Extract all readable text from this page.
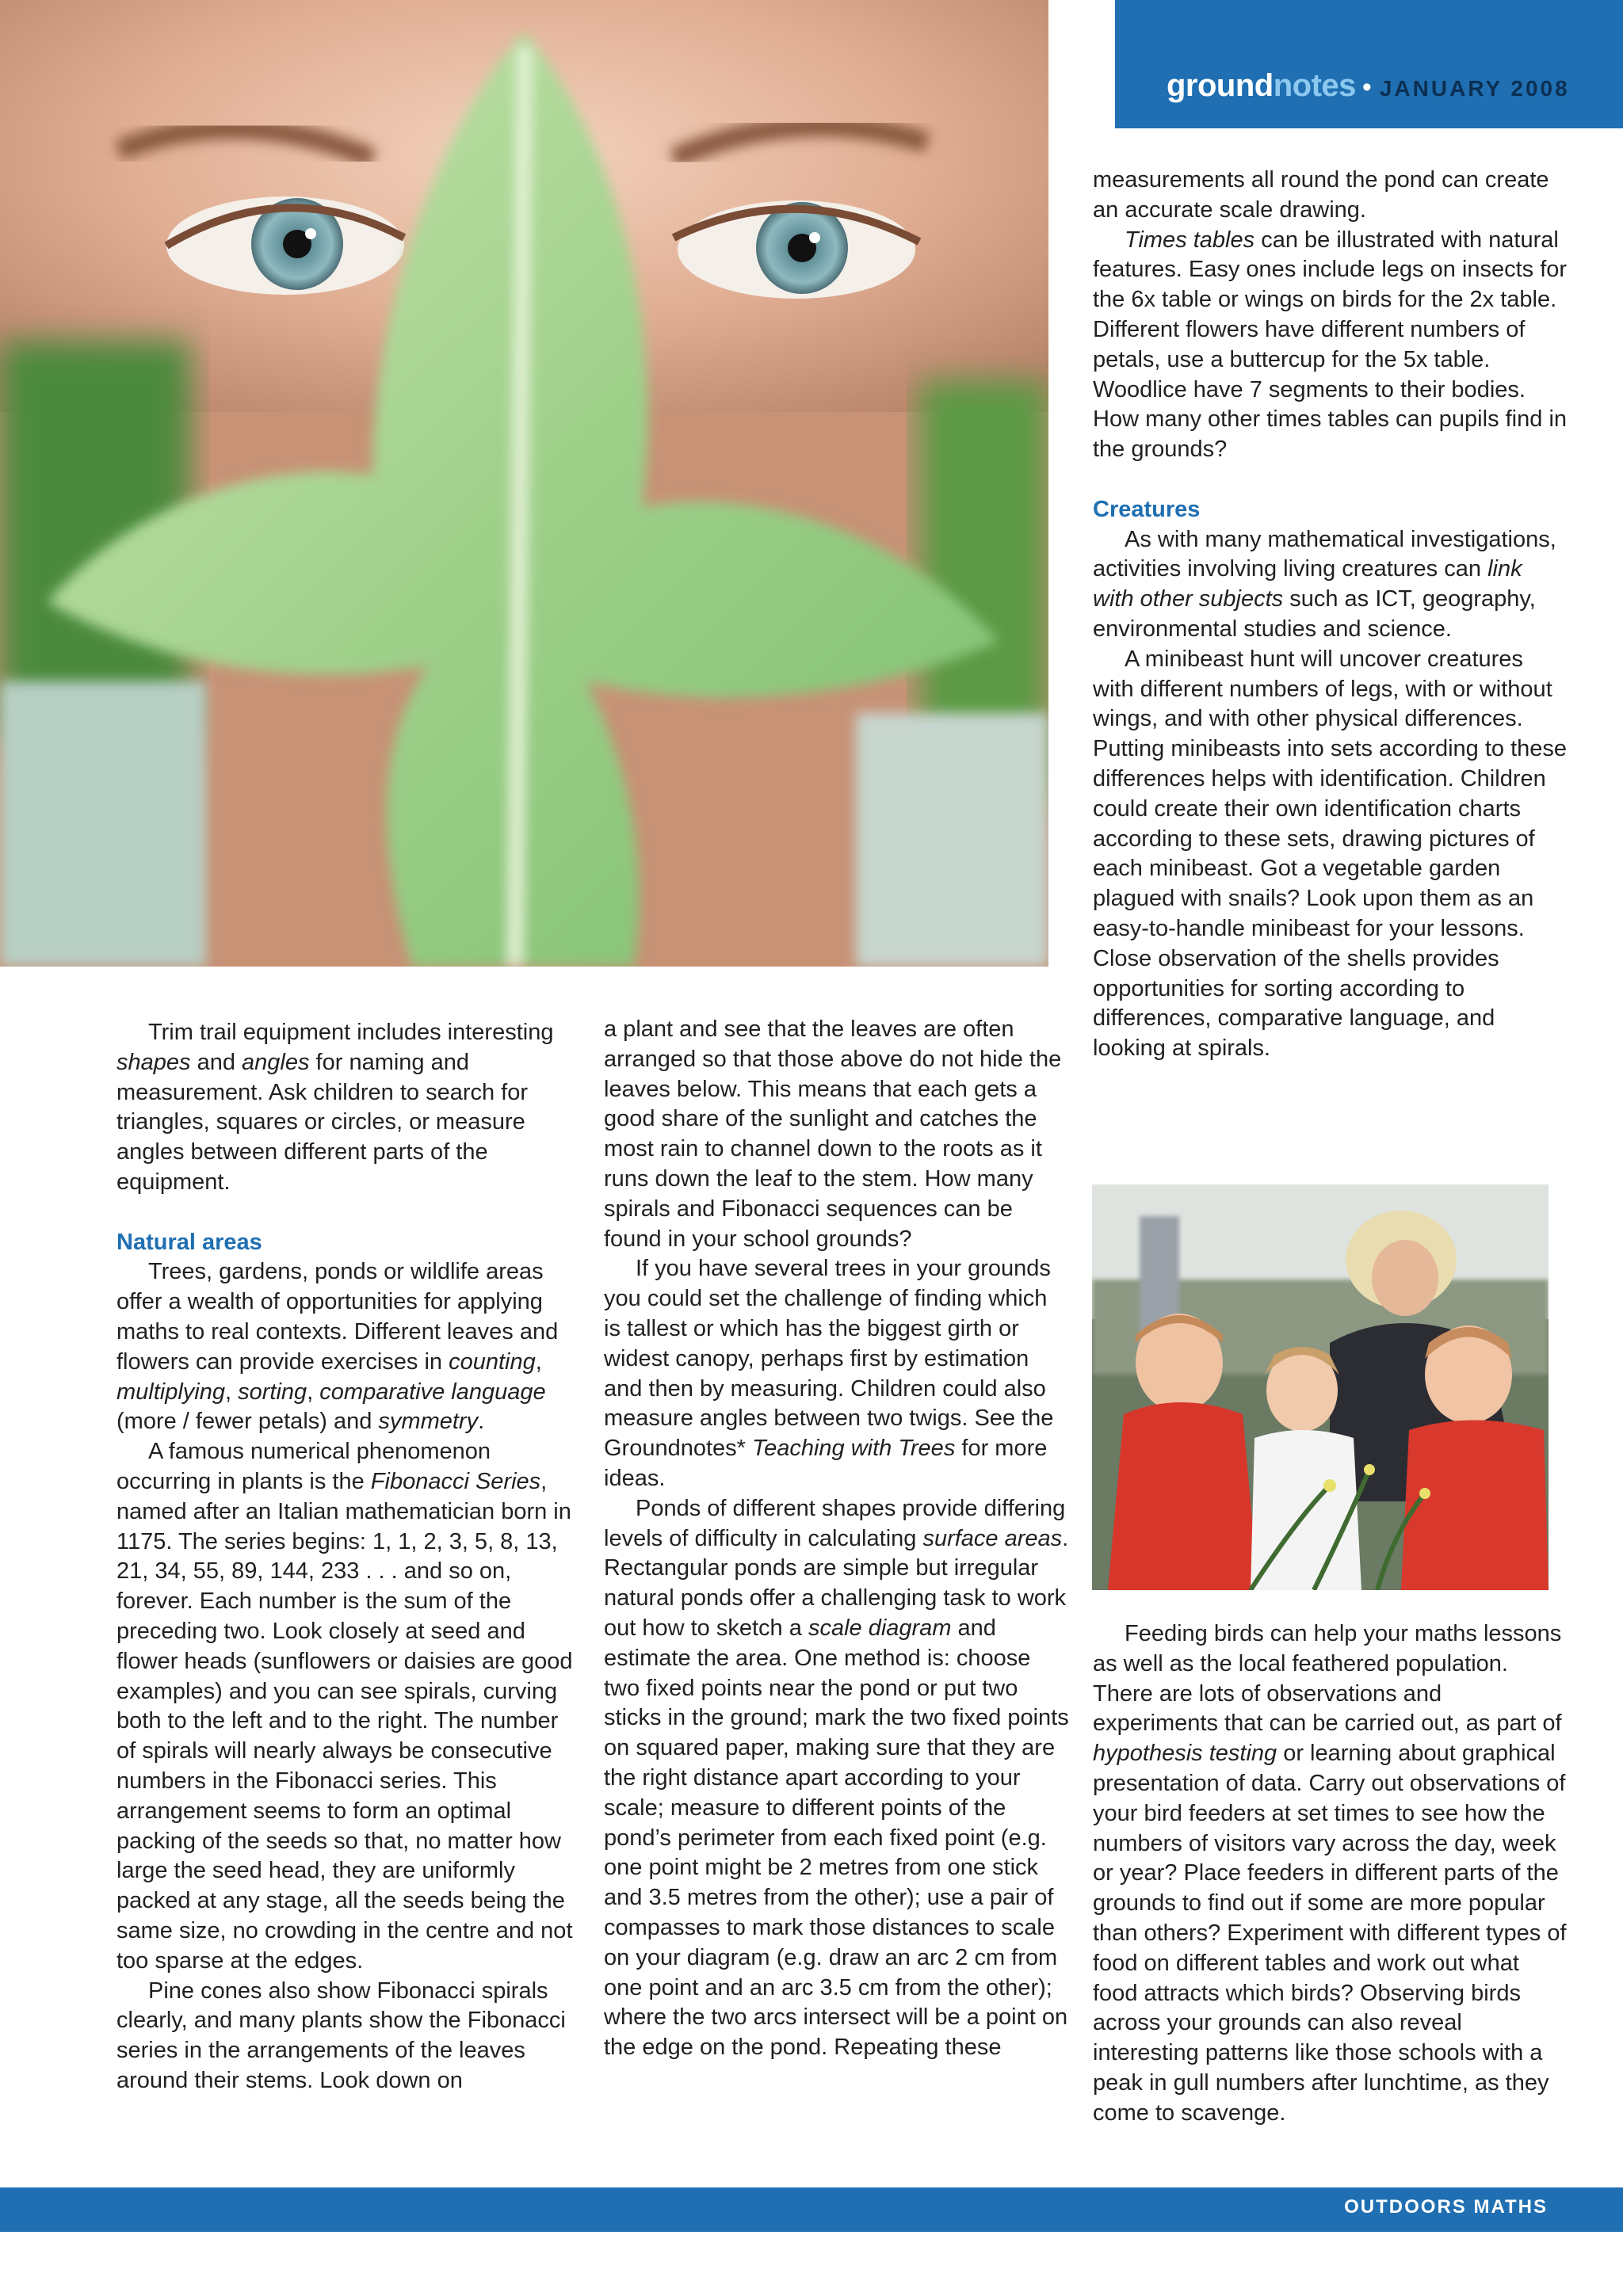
ground notes • JANUARY 2008

Trim trail equipment includes interesting shapes and angles for naming and measurement. Ask children to search for triangles, squares or circles, or measure angles between different parts of the equipment.

Natural areas

Trees, gardens, ponds or wildlife areas offer a wealth of opportunities for applying maths to real contexts. Different leaves and flowers can provide exercises in counting, multiplying, sorting, comparative language (more / fewer petals) and symmetry.

A famous numerical phenomenon occurring in plants is the Fibonacci Series, named after an Italian mathematician born in 1175. The series begins: 1, 1, 2, 3, 5, 8, 13, 21, 34, 55, 89, 144, 233 . . . and so on, forever. Each number is the sum of the preceding two. Look closely at seed and flower heads (sunflowers or daisies are good examples) and you can see spirals, curving both to the left and to the right. The number of spirals will nearly always be consecutive numbers in the Fibonacci series. This arrangement seems to form an optimal packing of the seeds so that, no matter how large the seed head, they are uniformly packed at any stage, all the seeds being the same size, no crowding in the centre and not too sparse at the edges.

Pine cones also show Fibonacci spirals clearly, and many plants show the Fibonacci series in the arrangements of the leaves around their stems. Look down on

a plant and see that the leaves are often arranged so that those above do not hide the leaves below. This means that each gets a good share of the sunlight and catches the most rain to channel down to the roots as it runs down the leaf to the stem. How many spirals and Fibonacci sequences can be found in your school grounds?

If you have several trees in your grounds you could set the challenge of finding which is tallest or which has the biggest girth or widest canopy, perhaps first by estimation and then by measuring. Children could also measure angles between two twigs. See the Groundnotes* Teaching with Trees for more ideas.

Ponds of different shapes provide differing levels of difficulty in calculating surface areas. Rectangular ponds are simple but irregular natural ponds offer a challenging task to work out how to sketch a scale diagram and estimate the area. One method is: choose two fixed points near the pond or put two sticks in the ground; mark the two fixed points on squared paper, making sure that they are the right distance apart according to your scale; measure to different points of the pond’s perimeter from each fixed point (e.g. one point might be 2 metres from one stick and 3.5 metres from the other); use a pair of compasses to mark those distances to scale on your diagram (e.g. draw an arc 2 cm from one point and an arc 3.5 cm from the other); where the two arcs intersect will be a point on the edge on the pond. Repeating these

measurements all round the pond can create an accurate scale drawing.

Times tables can be illustrated with natural features. Easy ones include legs on insects for the 6x table or wings on birds for the 2x table. Different flowers have different numbers of petals, use a buttercup for the 5x table. Woodlice have 7 segments to their bodies. How many other times tables can pupils find in the grounds?

Creatures

As with many mathematical investigations, activities involving living creatures can link with other subjects such as ICT, geography, environmental studies and science.

A minibeast hunt will uncover creatures with different numbers of legs, with or without wings, and with other physical differences. Putting minibeasts into sets according to these differences helps with identification. Children could create their own identification charts according to these sets, drawing pictures of each minibeast. Got a vegetable garden plagued with snails? Look upon them as an easy-to-handle minibeast for your lessons. Close observation of the shells provides opportunities for sorting according to differences, comparative language, and looking at spirals.

Feeding birds can help your maths lessons as well as the local feathered population. There are lots of observations and experiments that can be carried out, as part of hypothesis testing or learning about graphical presentation of data. Carry out observations of your bird feeders at set times to see how the numbers of visitors vary across the day, week or year? Place feeders in different parts of the grounds to find out if some are more popular than others? Experiment with different types of food on different tables and work out what food attracts which birds? Observing birds across your grounds can also reveal interesting patterns like those schools with a peak in gull numbers after lunchtime, as they come to scavenge.

OUTDOORS MATHS
